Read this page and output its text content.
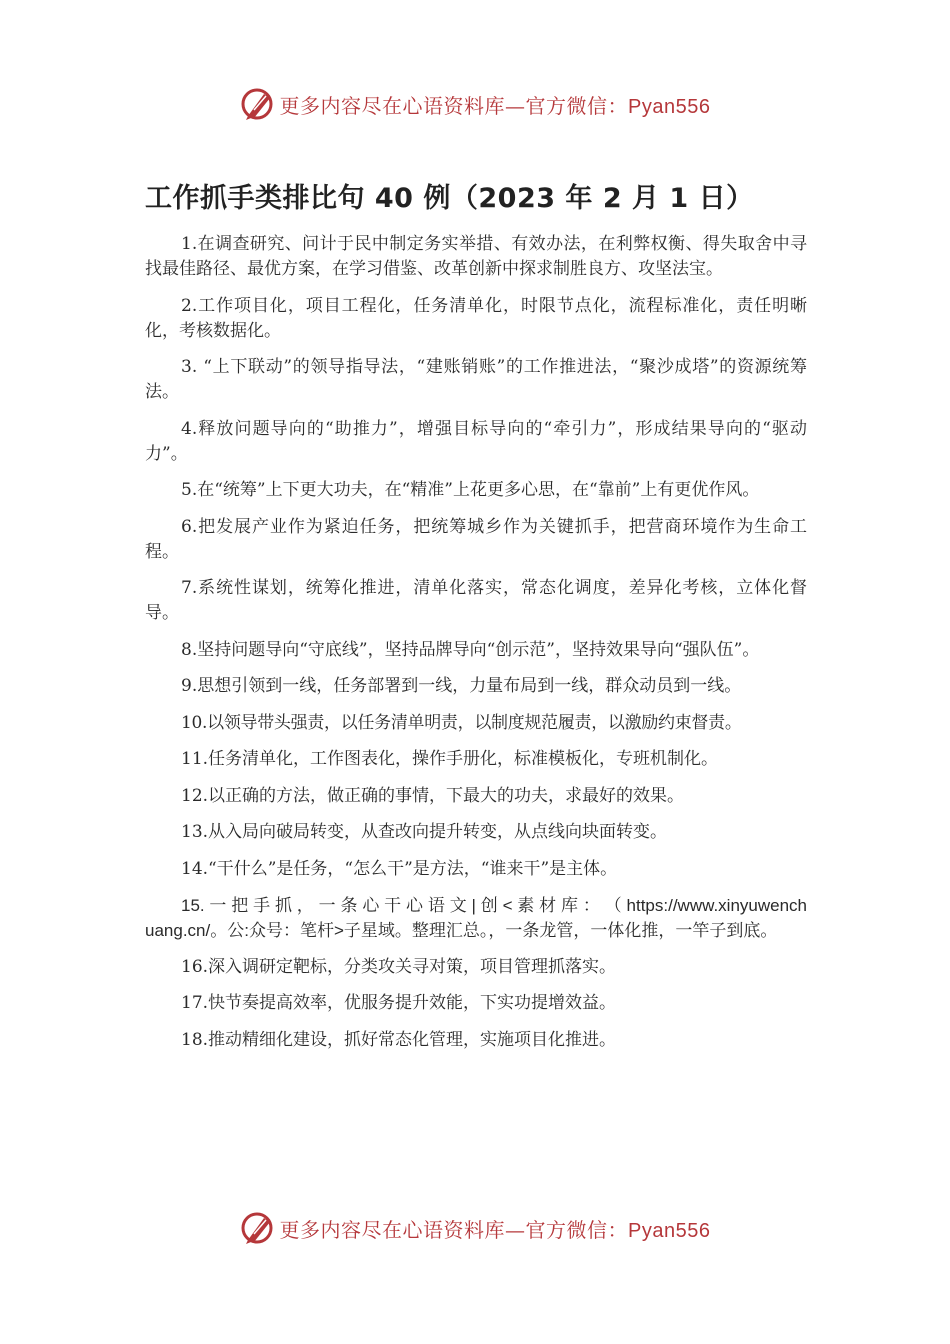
更多内容尽在心语资料库—官方微信：Pyan556
工作抓手类排比句 40 例（2023 年 2 月 1 日）

1.在调查研究、问计于民中制定务实举措、有效办法，在利弊权衡、得失取舍中寻找最佳路径、最优方案，在学习借鉴、改革创新中探求制胜良方、攻坚法宝。

2.工作项目化，项目工程化，任务清单化，时限节点化，流程标准化，责任明晰化，考核数据化。

3. “上下联动”的领导指导法，“建账销账”的工作推进法，“聚沙成塔”的资源统筹法。

4.释放问题导向的“助推力”，增强目标导向的“牵引力”，形成结果导向的“驱动力”。

5.在“统筹”上下更大功夫，在“精准”上花更多心思，在“靠前”上有更优作风。

6.把发展产业作为紧迫任务，把统筹城乡作为关键抓手，把营商环境作为生命工程。

7.系统性谋划，统筹化推进，清单化落实，常态化调度，差异化考核，立体化督导。

8.坚持问题导向“守底线”，坚持品牌导向“创示范”，坚持效果导向“强队伍”。

9.思想引领到一线，任务部署到一线，力量布局到一线，群众动员到一线。

10.以领导带头强责，以任务清单明责，以制度规范履责，以激励约束督责。

11.任务清单化，工作图表化，操作手册化，标准模板化，专班机制化。

12.以正确的方法，做正确的事情，下最大的功夫，求最好的效果。

13.从入局向破局转变，从查改向提升转变，从点线向块面转变。

14.“干什么”是任务，“怎么干”是方法，“谁来干”是主体。

15. 一 把 手 抓 ， 一 条 心 干 心 语 文 | 创 < 素 材 库 ： （ https://www.xinyuwenchuang.cn/。公:众号：笔杆>子星域。整理汇总。，一条龙管，一体化推，一竿子到底。

16.深入调研定靶标，分类攻关寻对策，项目管理抓落实。

17.快节奏提高效率，优服务提升效能，下实功提增效益。

18.推动精细化建设，抓好常态化管理，实施项目化推进。

更多内容尽在心语资料库—官方微信：Pyan556
